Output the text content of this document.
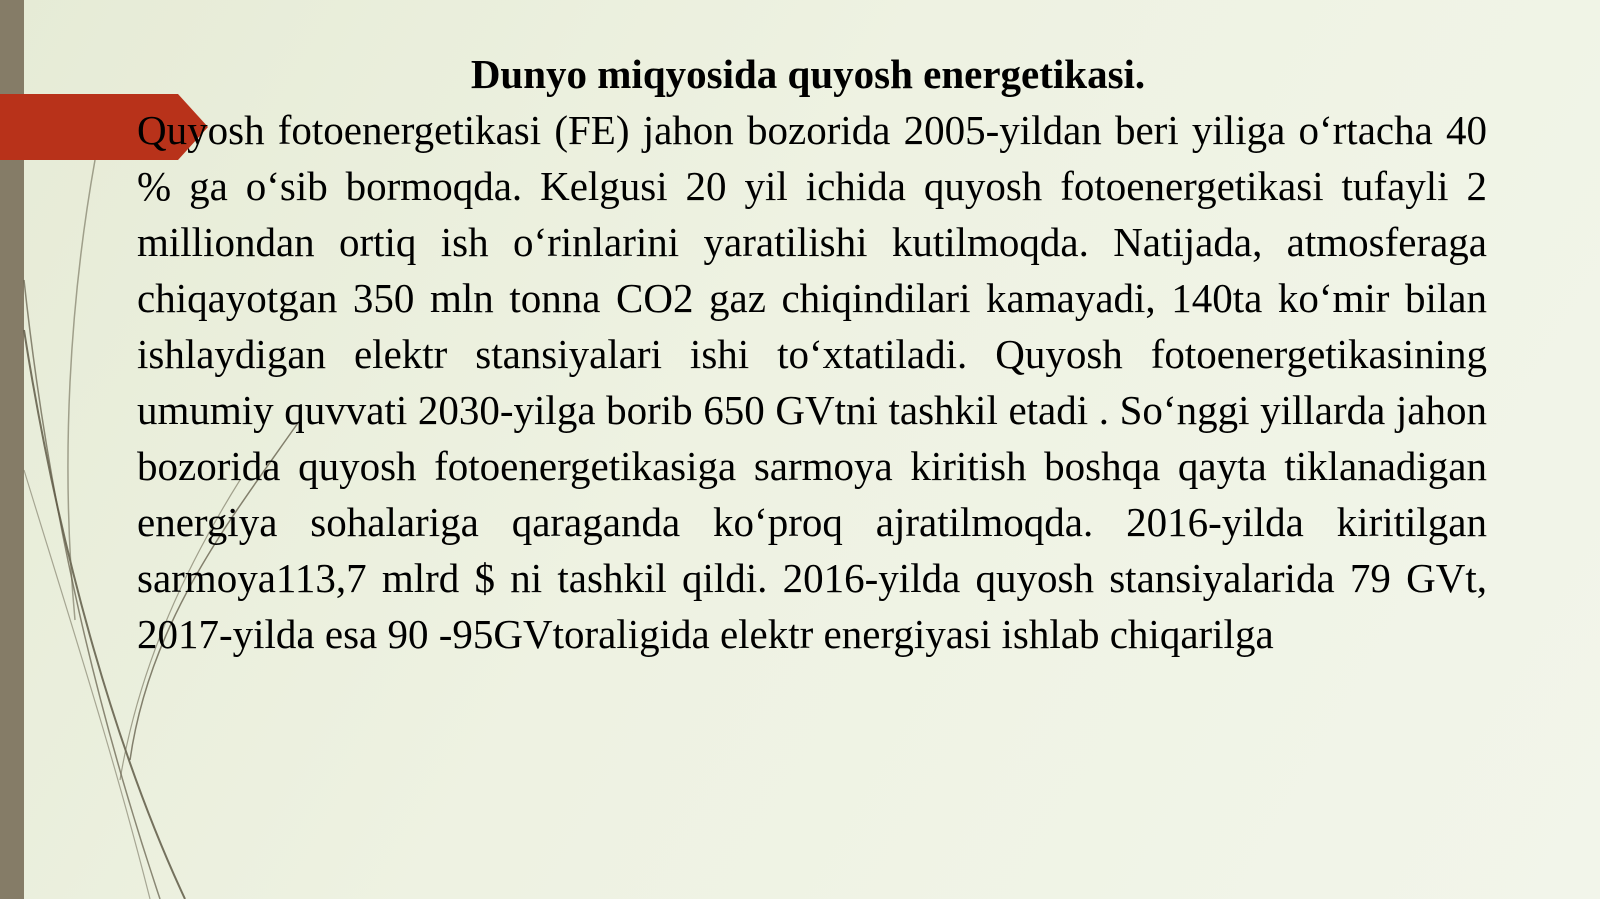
Dunyo miqyosida quyosh energetikasi.

Quyosh fotoenergetikasi (FE) jahon bozorida 2005-yildan beri yiliga o‘rtacha 40 % ga o‘sib bormoqda. Kelgusi 20 yil ichida quyosh fotoenergetikasi tufayli 2 milliondan ortiq ish o‘rinlarini yaratilishi kutilmoqda. Natijada, atmosferaga chiqayotgan 350 mln tonna CO2 gaz chiqindilari kamayadi, 140ta ko‘mir bilan ishlaydigan elektr stansiyalari ishi to‘xtatiladi. Quyosh fotoenergetikasining umumiy quvvati 2030-yilga borib 650 GVtni tashkil etadi . So‘nggi yillarda jahon bozorida quyosh fotoenergetikasiga sarmoya kiritish boshqa qayta tiklanadigan energiya sohalariga qaraganda ko‘proq ajratilmoqda. 2016-yilda kiritilgan sarmoya113,7 mlrd $ ni tashkil qildi. 2016-yilda quyosh stansiyalarida 79 GVt, 2017-yilda esa 90 -95GVtoraligida elektr energiyasi ishlab chiqarilga
